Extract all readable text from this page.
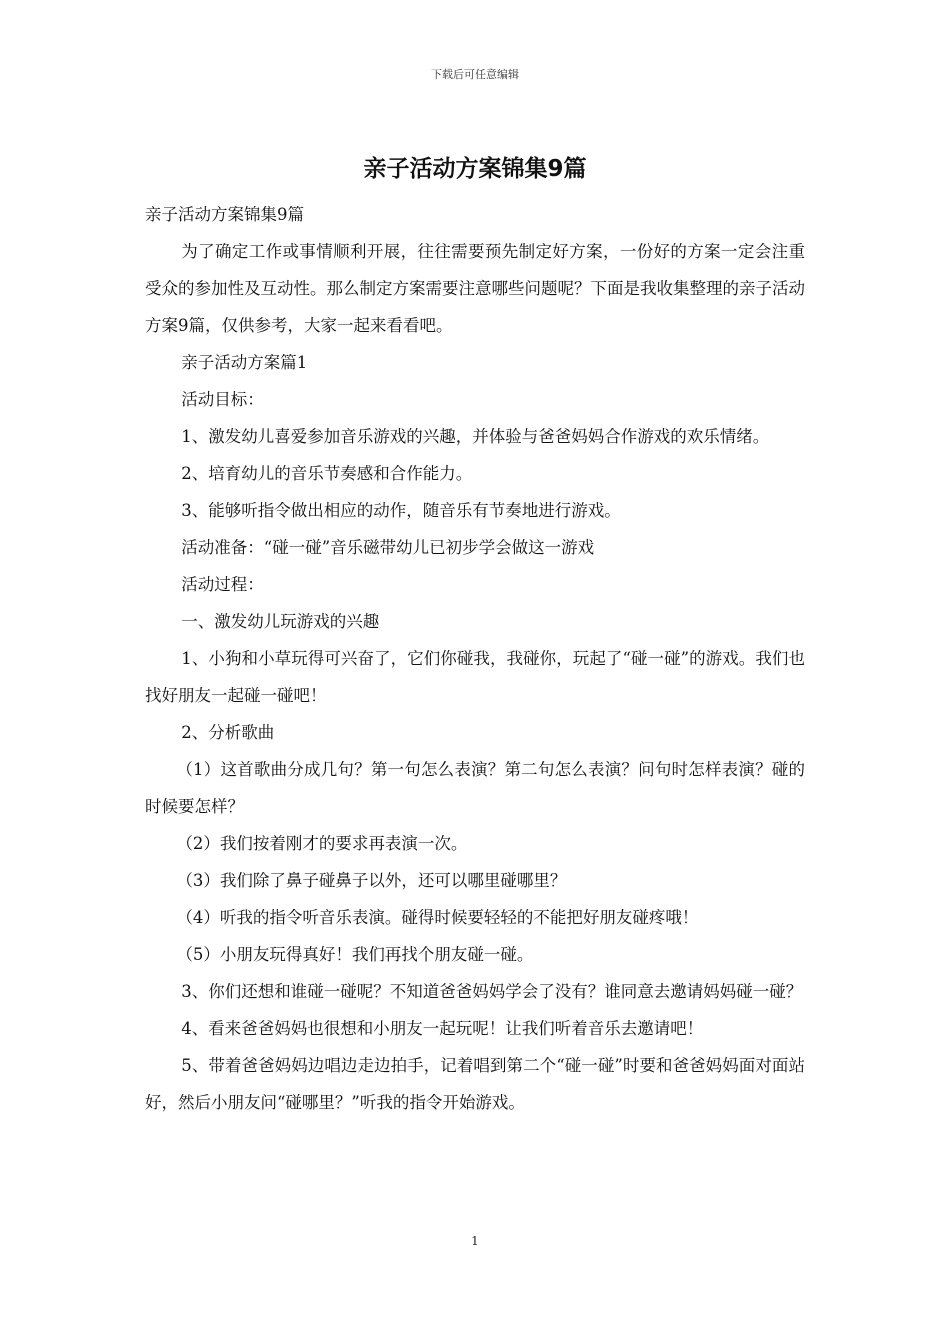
下载后可任意编辑
亲子活动方案锦集9篇

亲子活动方案锦集9篇

为了确定工作或事情顺利开展，往往需要预先制定好方案，一份好的方案一定会注重受众的参加性及互动性。那么制定方案需要注意哪些问题呢？下面是我收集整理的亲子活动方案9篇，仅供参考，大家一起来看看吧。

亲子活动方案篇1

活动目标：

1、激发幼儿喜爱参加音乐游戏的兴趣，并体验与爸爸妈妈合作游戏的欢乐情绪。

2、培育幼儿的音乐节奏感和合作能力。

3、能够听指令做出相应的动作，随音乐有节奏地进行游戏。

活动准备：“碰一碰”音乐磁带幼儿已初步学会做这一游戏

活动过程：

一、激发幼儿玩游戏的兴趣

1、小狗和小草玩得可兴奋了，它们你碰我，我碰你，玩起了“碰一碰”的游戏。我们也找好朋友一起碰一碰吧！

2、分析歌曲

（1）这首歌曲分成几句？第一句怎么表演？第二句怎么表演？问句时怎样表演？碰的时候要怎样？

（2）我们按着刚才的要求再表演一次。

（3）我们除了鼻子碰鼻子以外，还可以哪里碰哪里？

（4）听我的指令听音乐表演。碰得时候要轻轻的不能把好朋友碰疼哦！

（5）小朋友玩得真好！我们再找个朋友碰一碰。

3、你们还想和谁碰一碰呢？不知道爸爸妈妈学会了没有？谁同意去邀请妈妈碰一碰？

4、看来爸爸妈妈也很想和小朋友一起玩呢！让我们听着音乐去邀请吧！

5、带着爸爸妈妈边唱边走边拍手，记着唱到第二个“碰一碰”时要和爸爸妈妈面对面站好，然后小朋友问“碰哪里？”听我的指令开始游戏。

1
